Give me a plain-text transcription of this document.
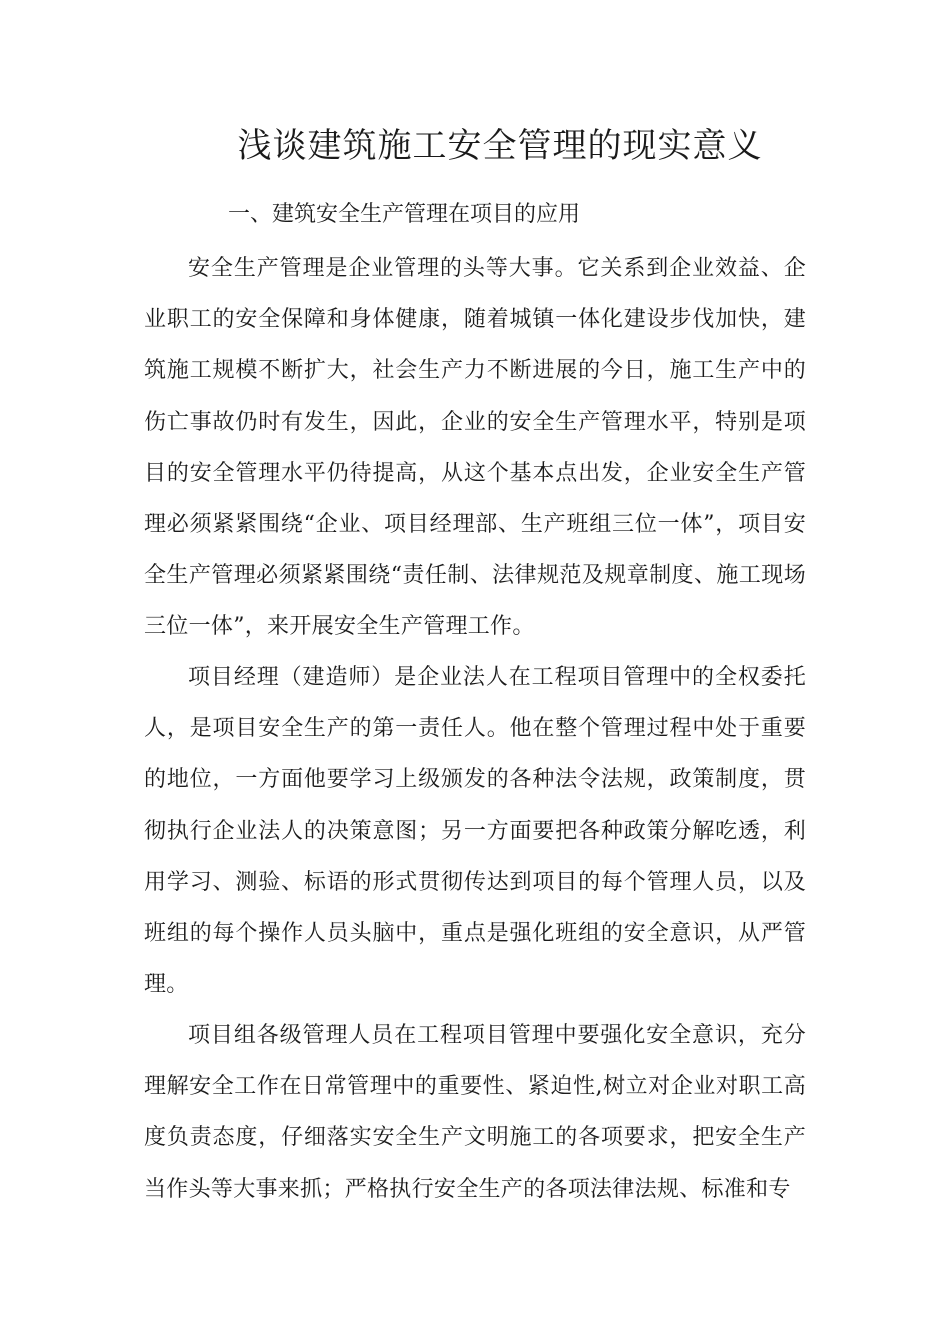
浅谈建筑施工安全管理的现实意义
一、建筑安全生产管理在项目的应用

安全生产管理是企业管理的头等大事。它关系到企业效益、企业职工的安全保障和身体健康，随着城镇一体化建设步伐加快，建筑施工规模不断扩大，社会生产力不断进展的今日，施工生产中的伤亡事故仍时有发生，因此，企业的安全生产管理水平，特别是项目的安全管理水平仍待提高，从这个基本点出发，企业安全生产管理必须紧紧围绕“企业、项目经理部、生产班组三位一体”，项目安全生产管理必须紧紧围绕“责任制、法律规范及规章制度、施工现场三位一体”，来开展安全生产管理工作。

项目经理（建造师）是企业法人在工程项目管理中的全权委托人，是项目安全生产的第一责任人。他在整个管理过程中处于重要的地位，一方面他要学习上级颁发的各种法令法规，政策制度，贯彻执行企业法人的决策意图；另一方面要把各种政策分解吃透，利用学习、测验、标语的形式贯彻传达到项目的每个管理人员，以及班组的每个操作人员头脑中，重点是强化班组的安全意识，从严管理。

项目组各级管理人员在工程项目管理中要强化安全意识，充分理解安全工作在日常管理中的重要性、紧迫性,树立对企业对职工高度负责态度，仔细落实安全生产文明施工的各项要求，把安全生产当作头等大事来抓；严格执行安全生产的各项法律法规、标准和专
